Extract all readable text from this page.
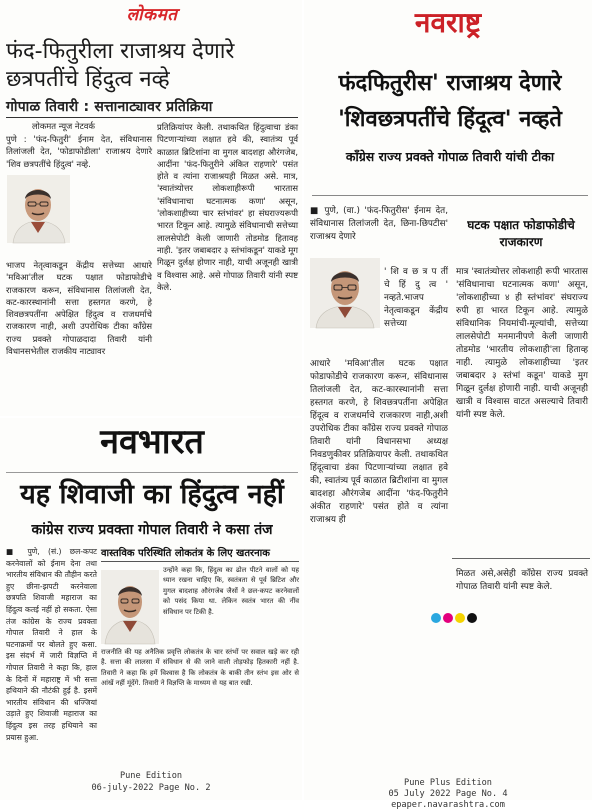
लोकमत
फंद-फितुरीला राजाश्रय देणारे छत्रपतींचे हिंदुत्व नव्हे
गोपाळ तिवारी : सत्तानाट्यावर प्रतिक्रिया
लोकमत न्यूज नेटवर्क

पुणे : 'फंद-फितुरी' ईनाम देत, संविधानास तिलांजली देत, 'फोडाफोडीला' राजाश्रय देणारे 'शिव छत्रपतींचे हिंदुत्व' नव्हे.

भाजप नेतृत्वाकडून केंद्रीय सत्तेच्या आधारे 'मविआ'तील घटक पक्षात फोडाफोडीचे राजकारण करून, संविधानास तिलांजली देत, कट-कारस्थानांनी सत्ता हस्तगत करणे, हे शिवछत्रपतींना अपेक्षित हिंदुत्व व राजधर्माचे राजकारण नाही, अशी उपरोधिक टीका काँग्रेस राज्य प्रवक्ते गोपाळदादा तिवारी यांनी विधानसभेतील राजकीय नाट्यावर
प्रतिक्रियांपर केली. तथाकथित हिंदुत्वाचा डंका पिटणाऱ्यांच्या लक्षात हवे की, स्वातंत्र्य पूर्व काळात ब्रिटिशांना वा मुगल बादशहा औरंगजेब, आदींना 'फंद-फितुरीने अंकित राहणारे' पसंत होते व त्यांना राजाश्रयही मिळत असे. मात्र, 'स्वातंत्र्योत्तर लोकशाहीरूपी भारतास 'संविधानाचा घटनात्मक कणा' असून, 'लोकशाहीच्या चार स्तंभांवर' हा संघराज्यरूपी भारत टिकून आहे. त्यामुळे संविधानाची सत्तेच्या लालसेपोटी केली जाणारी तोडमोड हितावह नाही. 'इतर जबाबदार ३ स्तंभांकडून' याकडे मूग गिळून दुर्लक्ष होणार नाही, याची अजूनही खात्री व विश्वास आहे. असे गोपाळ तिवारी यांनी स्पष्ट केले.
नवभारत
यह शिवाजी का हिंदुत्व नहीं
कांग्रेस राज्य प्रवक्ता गोपाल तिवारी ने कसा तंज
■ पुणे, (सं.) छल-कपट करनेवालों को ईनाम देना तथा भारतीय संविधान की तौहीन करते हुए छीना-झपटी करनेवाला छत्रपति शिवाजी महाराज का हिंदुत्व कतई नहीं हो सकता. ऐसा तंज कांग्रेस के राज्य प्रवक्ता गोपाल तिवारी ने हाल के घटनाक्रमों पर बोलते हुए कसा. इस संदर्भ में जारी विज्ञप्ति में गोपाल तिवारी ने कहा कि, हाल के दिनों में महाराष्ट्र में भी सत्ता हथियाने की नौटंकी हुई है. इसमें भारतीय संविधान की धज्जियां उड़ाते हुए शिवाजी महाराज का हिंदुत्व इस तरह हथियाने का प्रयास हुआ.
वास्तविक परिस्थिति लोकतंत्र के लिए खतरनाक
उन्होंने कहा कि, हिंदुत्व का ढोल पीटने वालों को यह ध्यान रखना चाहिए कि, स्वतंत्रता से पूर्व ब्रिटिश और मुगल बादशाह औरंगजेब जैसों ने छल-कपट करनेवालों को पसंद किया था. लेकिन स्वतंत्र भारत की नींव संविधान पर टिकी है.
राजनीति की यह अनैतिक प्रवृत्ति लोकतंत्र के चार स्तंभों पर सवाल खड़े कर रही है. सत्ता की लालसा में संविधान से की जाने वाली तोड़फोड़ हितकारी नहीं है. तिवारी ने कहा कि हमें विश्वास है कि लोकतंत्र के बाकी तीन स्तंभ इस ओर से आंखें नहीं मूंदेंगे. तिवारी ने विज्ञप्ति के माध्यम से यह बात रखी.
Pune Edition
06-july-2022 Page No. 2
नवराष्ट्र
फंदफितुरीस' राजाश्रय देणारे 'शिवछत्रपतींचे हिंदूत्व' नव्हते
काँग्रेस राज्य प्रवक्ते गोपाळ तिवारी यांची टीका
■ पुणे, (वा.) 'फंद-फितुरीस' ईनाम देत, संविधानास तिलांजली देत, छिना-छिपटीस' राजाश्रय देणारे
' शि व छ त्र प तीं चे हिं दु त्व ' नव्हते.भाजप नेतृत्वाकडून केंद्रीय सत्तेच्या
आधारे 'मविआ'तील घटक पक्षात फोडाफोडीचे राजकारण करून, संविधानास तिलांजली देत, कट-कारस्थानांनी सत्ता हस्तगत करणे, हे शिवछत्रपतींना अपेक्षित हिंदूत्व व राजधर्माचे राजकारण नाही,अशी उपरोधिक टीका काँग्रेस राज्य प्रवक्ते गोपाळ तिवारी यांनी विधानसभा अध्यक्ष निवडणुकीवर प्रतिक्रियापर केली. तथाकथित हिंदूत्वाचा डंका पिटणाऱ्यांच्या लक्षात हवे की, स्वातंत्र्य पूर्व काळात ब्रिटीशांना वा मुगल बादशहा औरंगजेब आदींना 'फंद-फितुरीने अंकीत राहणारे' पसंत होते व त्यांना राजाश्रय ही
घटक पक्षात फोडाफोडीचे राजकारण
मात्र 'स्वातंत्र्योत्तर लोकशाही रूपी भारतास 'संविधानाचा घटनात्मक कणा' असून, 'लोकशाहीच्या ४ ही स्तंभांवर' संघराज्य रुपी हा भारत टिकून आहे. त्यामुळे संविधानिक नियमांची-मूल्यांची, सत्तेच्या लालसेपोटी मनमानीपणे केली जाणारी तोडमोड 'भारतीय लोकशाही'ला हिताव्ह नाही. त्यामुळे लोकशाहीच्या 'इतर जबाबदार ३ स्तंभां कडून' याकडे मुग गिळून दुर्लक्ष होणारी नाही. याची अजूनही खात्री व विश्वास वाटत असल्याचे तिवारी यांनी स्पष्ट केले.
मिळत असे,असेही काँग्रेस राज्य प्रवक्ते गोपाळ तिवारी यांनी स्पष्ट केले.
Pune Plus Edition
05 July 2022 Page No. 4
epaper.navarashtra.com
